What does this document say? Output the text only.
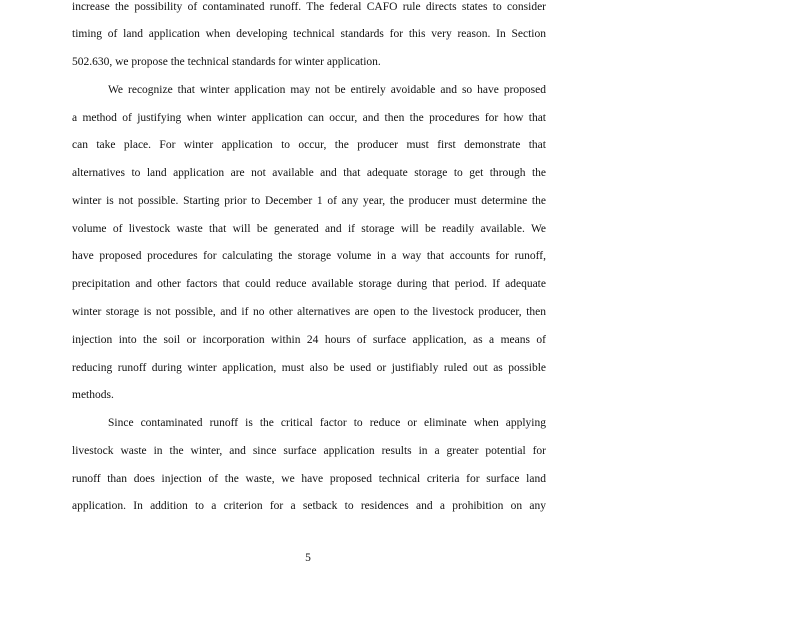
increase the possibility of contaminated runoff. The federal CAFO rule directs states to consider
timing of land application when developing technical standards for this very reason. In Section
502.630, we propose the technical standards for winter application.
We recognize that winter application may not be entirely avoidable and so have proposed
a method of justifying when winter application can occur, and then the procedures for how that
can take place. For winter application to occur, the producer must first demonstrate that
alternatives to land application are not available and that adequate storage to get through the
winter is not possible. Starting prior to December 1 of any year, the producer must determine the
volume of livestock waste that will be generated and if storage will be readily available. We
have proposed procedures for calculating the storage volume in a way that accounts for runoff,
precipitation and other factors that could reduce available storage during that period. If adequate
winter storage is not possible, and if no other alternatives are open to the livestock producer, then
injection into the soil or incorporation within 24 hours of surface application, as a means of
reducing runoff during winter application, must also be used or justifiably ruled out as possible
methods.
Since contaminated runoff is the critical factor to reduce or eliminate when applying
livestock waste in the winter, and since surface application results in a greater potential for
runoff than does injection of the waste, we have proposed technical criteria for surface land
application. In addition to a criterion for a setback to residences and a prohibition on any
5
